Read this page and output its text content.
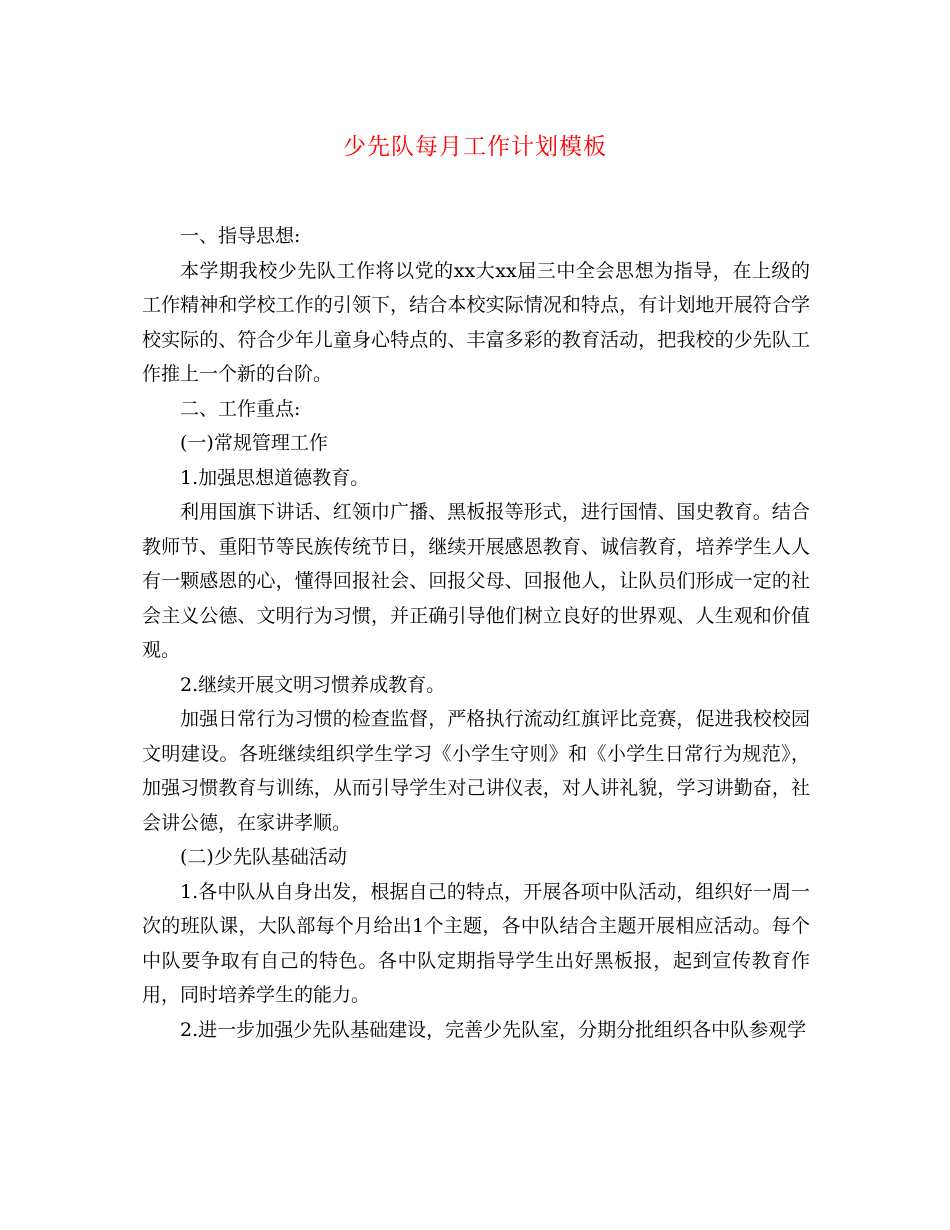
少先队每月工作计划模板

一、指导思想:

本学期我校少先队工作将以党的xx大xx届三中全会思想为指导，在上级的工作精神和学校工作的引领下，结合本校实际情况和特点，有计划地开展符合学校实际的、符合少年儿童身心特点的、丰富多彩的教育活动，把我校的少先队工作推上一个新的台阶。

二、工作重点:

(一)常规管理工作

1.加强思想道德教育。

利用国旗下讲话、红领巾广播、黑板报等形式，进行国情、国史教育。结合教师节、重阳节等民族传统节日，继续开展感恩教育、诚信教育，培养学生人人有一颗感恩的心，懂得回报社会、回报父母、回报他人，让队员们形成一定的社会主义公德、文明行为习惯，并正确引导他们树立良好的世界观、人生观和价值观。

2.继续开展文明习惯养成教育。

加强日常行为习惯的检查监督，严格执行流动红旗评比竞赛，促进我校校园文明建设。各班继续组织学生学习《小学生守则》和《小学生日常行为规范》，加强习惯教育与训练，从而引导学生对己讲仪表，对人讲礼貌，学习讲勤奋，社会讲公德，在家讲孝顺。

(二)少先队基础活动

1.各中队从自身出发，根据自己的特点，开展各项中队活动，组织好一周一次的班队课，大队部每个月给出1个主题，各中队结合主题开展相应活动。每个中队要争取有自己的特色。各中队定期指导学生出好黑板报，起到宣传教育作用，同时培养学生的能力。

2.进一步加强少先队基础建设，完善少先队室，分期分批组织各中队参观学
